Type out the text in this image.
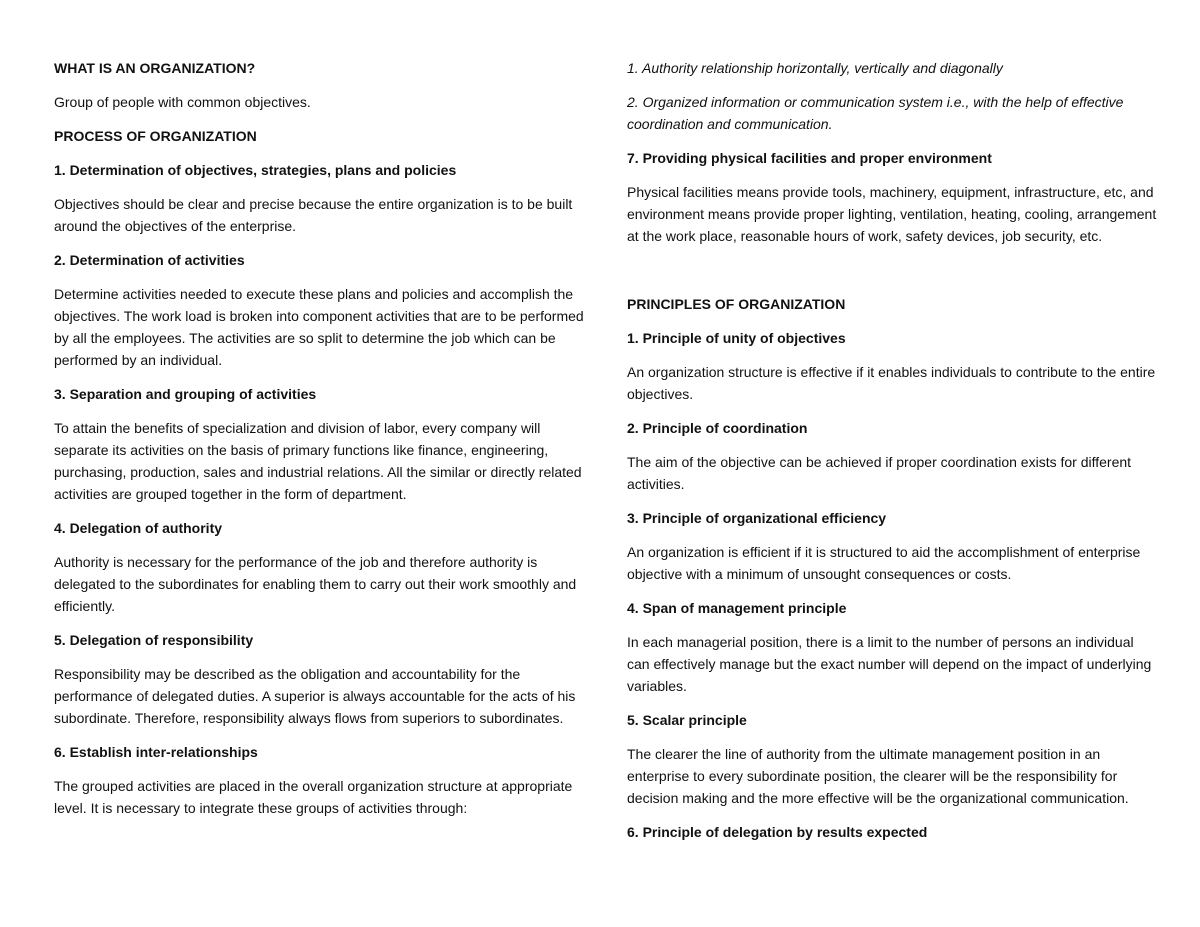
WHAT IS AN ORGANIZATION?

Group of people with common objectives.

PROCESS OF ORGANIZATION

1. Determination of objectives, strategies, plans and policies

Objectives should be clear and precise because the entire organization is to be built around the objectives of the enterprise.

2. Determination of activities

Determine activities needed to execute these plans and policies and accomplish the objectives. The work load is broken into component activities that are to be performed by all the employees. The activities are so split to determine the job which can be performed by an individual.

3. Separation and grouping of activities

To attain the benefits of specialization and division of labor, every company will separate its activities on the basis of primary functions like finance, engineering, purchasing, production, sales and industrial relations. All the similar or directly related activities are grouped together in the form of department.

4. Delegation of authority

Authority is necessary for the performance of the job and therefore authority is delegated to the subordinates for enabling them to carry out their work smoothly and efficiently.

5. Delegation of responsibility

Responsibility may be described as the obligation and accountability for the performance of delegated duties. A superior is always accountable for the acts of his subordinate. Therefore, responsibility always flows from superiors to subordinates.

6. Establish inter-relationships

The grouped activities are placed in the overall organization structure at appropriate level. It is necessary to integrate these groups of activities through:

1. Authority relationship horizontally, vertically and diagonally

2. Organized information or communication system i.e., with the help of effective coordination and communication.

7. Providing physical facilities and proper environment

Physical facilities means provide tools, machinery, equipment, infrastructure, etc, and environment means provide proper lighting, ventilation, heating, cooling, arrangement at the work place, reasonable hours of work, safety devices, job security, etc.

PRINCIPLES OF ORGANIZATION

1. Principle of unity of objectives

An organization structure is effective if it enables individuals to contribute to the entire objectives.

2. Principle of coordination

The aim of the objective can be achieved if proper coordination exists for different activities.

3. Principle of organizational efficiency

An organization is efficient if it is structured to aid the accomplishment of enterprise objective with a minimum of unsought consequences or costs.

4. Span of management principle

In each managerial position, there is a limit to the number of persons an individual can effectively manage but the exact number will depend on the impact of underlying variables.

5. Scalar principle

The clearer the line of authority from the ultimate management position in an enterprise to every subordinate position, the clearer will be the responsibility for decision making and the more effective will be the organizational communication.

6. Principle of delegation by results expected
